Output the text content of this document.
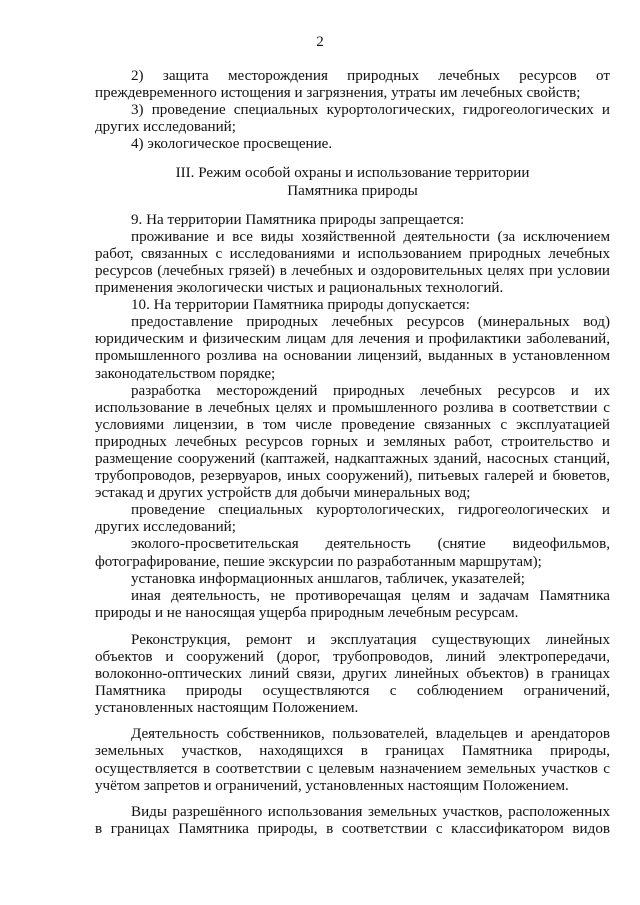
2

2) защита месторождения природных лечебных ресурсов от преждевременного истощения и загрязнения, утраты им лечебных свойств;

3) проведение специальных курортологических, гидрогеологических и других исследований;

4) экологическое просвещение.

III. Режим особой охраны и использование территории

Памятника природы

9. На территории Памятника природы запрещается:

проживание и все виды хозяйственной деятельности (за исключением работ, связанных с исследованиями и использованием природных лечебных ресурсов (лечебных грязей) в лечебных и оздоровительных целях при условии применения экологически чистых и рациональных технологий.

10. На территории Памятника природы допускается:

предоставление природных лечебных ресурсов (минеральных вод) юридическим и физическим лицам для лечения и профилактики заболеваний, промышленного розлива на основании лицензий, выданных в установленном законодательством порядке;

разработка месторождений природных лечебных ресурсов и их использование в лечебных целях и промышленного розлива в соответствии с условиями лицензии, в том числе проведение связанных с эксплуатацией природных лечебных ресурсов горных и земляных работ, строительство и размещение сооружений (каптажей, надкаптажных зданий, насосных станций, трубопроводов, резервуаров, иных сооружений), питьевых галерей и бюветов, эстакад и других устройств для добычи минеральных вод;

проведение специальных курортологических, гидрогеологических и других исследований;

эколого-просветительская деятельность (снятие видеофильмов, фотографирование, пешие экскурсии по разработанным маршрутам);

установка информационных аншлагов, табличек, указателей;

иная деятельность, не противоречащая целям и задачам Памятника природы и не наносящая ущерба природным лечебным ресурсам.

Реконструкция, ремонт и эксплуатация существующих линейных объектов и сооружений (дорог, трубопроводов, линий электропередачи, волоконно-оптических линий связи, других линейных объектов) в границах Памятника природы осуществляются с соблюдением ограничений, установленных настоящим Положением.

Деятельность собственников, пользователей, владельцев и арендаторов земельных участков, находящихся в границах Памятника природы, осуществляется в соответствии с целевым назначением земельных участков с учётом запретов и ограничений, установленных настоящим Положением.

Виды разрешённого использования земельных участков, расположенных в границах Памятника природы, в соответствии с классификатором видов
